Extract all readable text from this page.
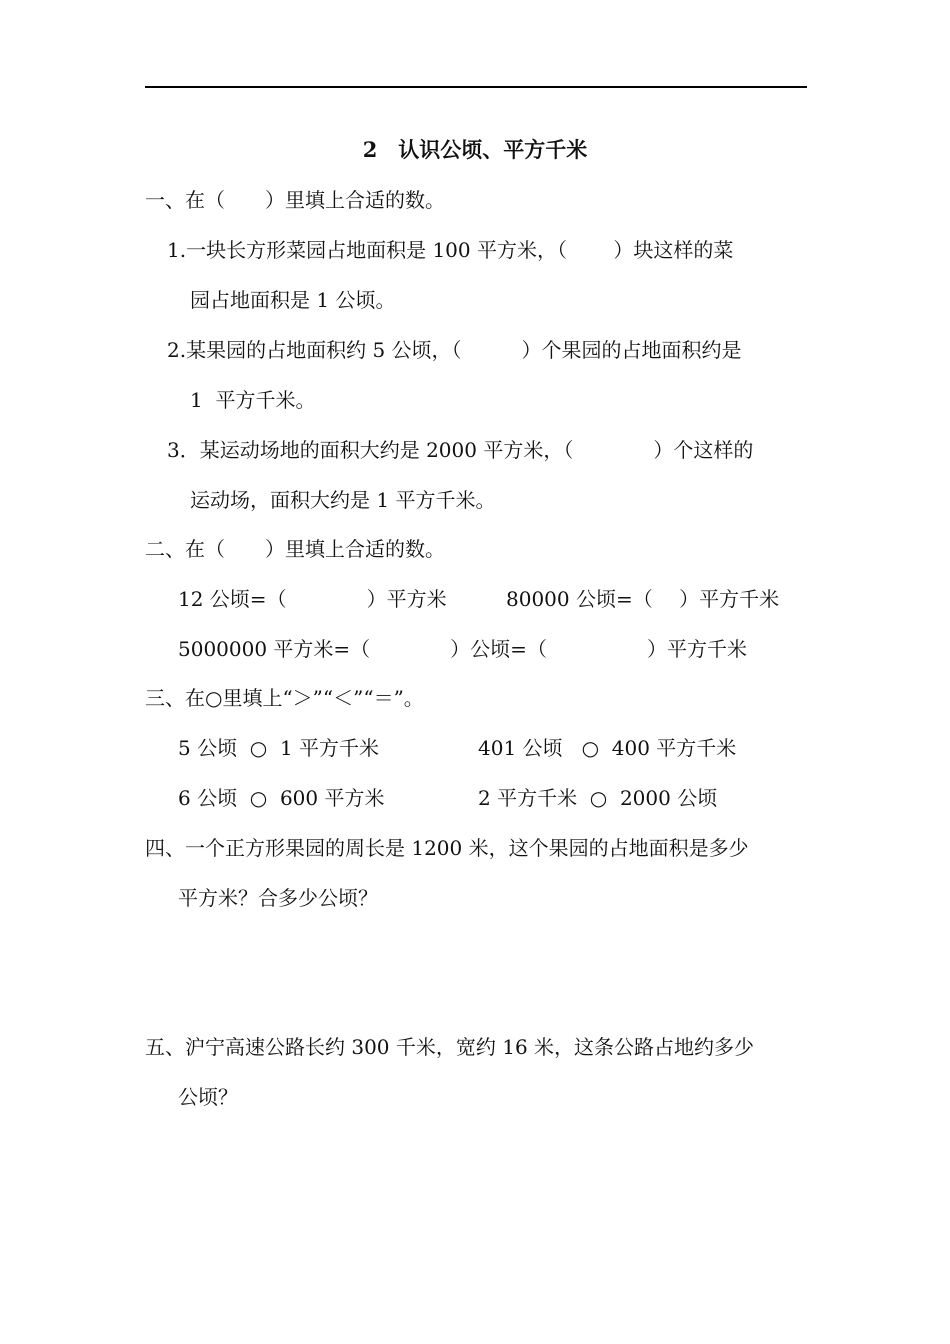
2　认识公顷、平方千米
一、在（　　）里填上合适的数。
1.一块长方形菜园占地面积是 100 平方米，（　　 ）块这样的菜
园占地面积是 1 公顷。
2.某果园的占地面积约 5 公顷，（　　　）个果园的占地面积约是
1  平方千米。
3．某运动场地的面积大约是 2000 平方米，（　　　　）个这样的
运动场，面积大约是 1 平方千米。
二、在（　　）里填上合适的数。
12 公顷=（　　　　）平方米	80000 公顷=（　 ）平方千米
5000000 平方米=（　　　　）公顷=（　　　　　）平方千米
三、在○里填上“＞”“＜”“＝”。
5 公顷  ○  1 平方千米	401 公顷   ○  400 平方千米
6 公顷  ○  600 平方米	2 平方千米  ○  2000 公顷
四、一个正方形果园的周长是 1200 米，这个果园的占地面积是多少
平方米？合多少公顷？
五、沪宁高速公路长约 300 千米，宽约 16 米，这条公路占地约多少
公顷？
